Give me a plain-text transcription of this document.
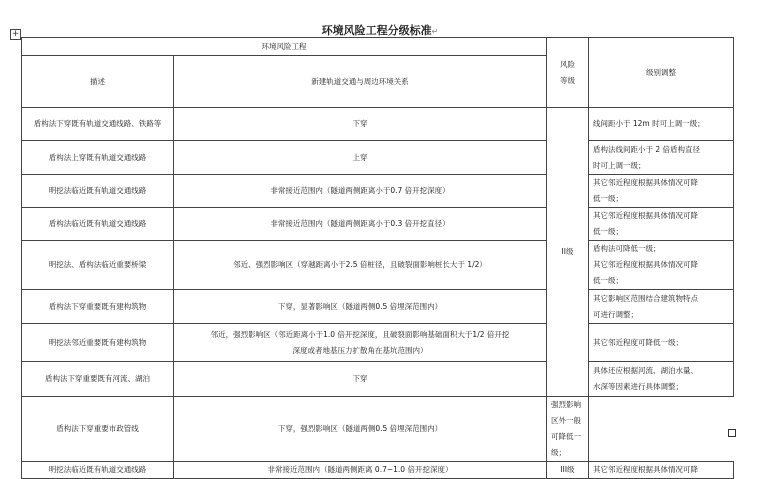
环境风险工程分级标准↵
+
环境风险工程		风险
等级	级别调整
描述	新建轨道交通与周边环境关系		
盾构法下穿既有轨道交通线路、铁路等	下穿	II级	线间距小于 12m 时可上调一级；
盾构法上穿既有轨道交通线路	上穿		盾构法线间距小于 2 倍盾构直径
时可上调一级；

明挖法临近既有轨道交通线路	非常接近范围内（隧道两侧距离小于0.7 倍开挖深度）		其它邻近程度根据具体情况可降
低一级；

盾构法临近既有轨道交通线路	非常接近范围内（隧道两侧距离小于0.3 倍开挖直径）		其它邻近程度根据具体情况可降
低一级；

明挖法、盾构法临近重要桥梁	邻近、强烈影响区（穿越距离小于2.5 倍桩径，且破裂面影响桩长大于 1/2）		盾构法可降低一级；
其它邻近程度根据具体情况可降
低一级；

盾构法下穿重要既有建构筑物	下穿，显著影响区（隧道两侧0.5 倍埋深范围内）		其它影响区范围结合建筑物特点
可进行调整；

明挖法邻近重要既有建构筑物	邻近，强烈影响区（邻近距离小于1.0 倍开挖深度，且破裂面影响基础面积大于1/2 倍开挖
深度或者地基压力扩散角在基坑范围内）		其它邻近程度可降低一级；
盾构法下穿重要既有河流、湖泊	下穿		具体还应根据河流、湖泊水量、
水深等因素进行具体调整；

盾构法下穿重要市政管线	下穿，强烈影响区（隧道两侧0.5 倍埋深范围内）	强烈影响区外一般可降低一级；	
明挖法临近既有轨道交通线路	非常接近范围内（隧道两侧距离 0.7~1.0 倍开挖深度）	III级	其它邻近程度根据具体情况可降
